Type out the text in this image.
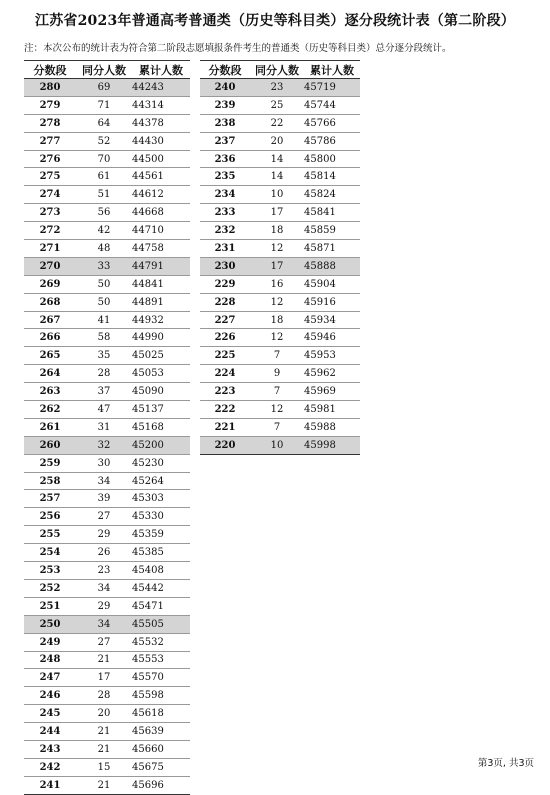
江苏省2023年普通高考普通类（历史等科目类）逐分段统计表（第二阶段）
注：本次公布的统计表为符合第二阶段志愿填报条件考生的普通类（历史等科目类）总分逐分段统计。
分数段	同分人数	累计人数
280	69	44243
279	71	44314
278	64	44378
277	52	44430
276	70	44500
275	61	44561
274	51	44612
273	56	44668
272	42	44710
271	48	44758
270	33	44791
269	50	44841
268	50	44891
267	41	44932
266	58	44990
265	35	45025
264	28	45053
263	37	45090
262	47	45137
261	31	45168
260	32	45200
259	30	45230
258	34	45264
257	39	45303
256	27	45330
255	29	45359
254	26	45385
253	23	45408
252	34	45442
251	29	45471
250	34	45505
249	27	45532
248	21	45553
247	17	45570
246	28	45598
245	20	45618
244	21	45639
243	21	45660
242	15	45675
241	21	45696
分数段	同分人数	累计人数
240	23	45719
239	25	45744
238	22	45766
237	20	45786
236	14	45800
235	14	45814
234	10	45824
233	17	45841
232	18	45859
231	12	45871
230	17	45888
229	16	45904
228	12	45916
227	18	45934
226	12	45946
225	7	45953
224	9	45962
223	7	45969
222	12	45981
221	7	45988
220	10	45998
第3页, 共3页
